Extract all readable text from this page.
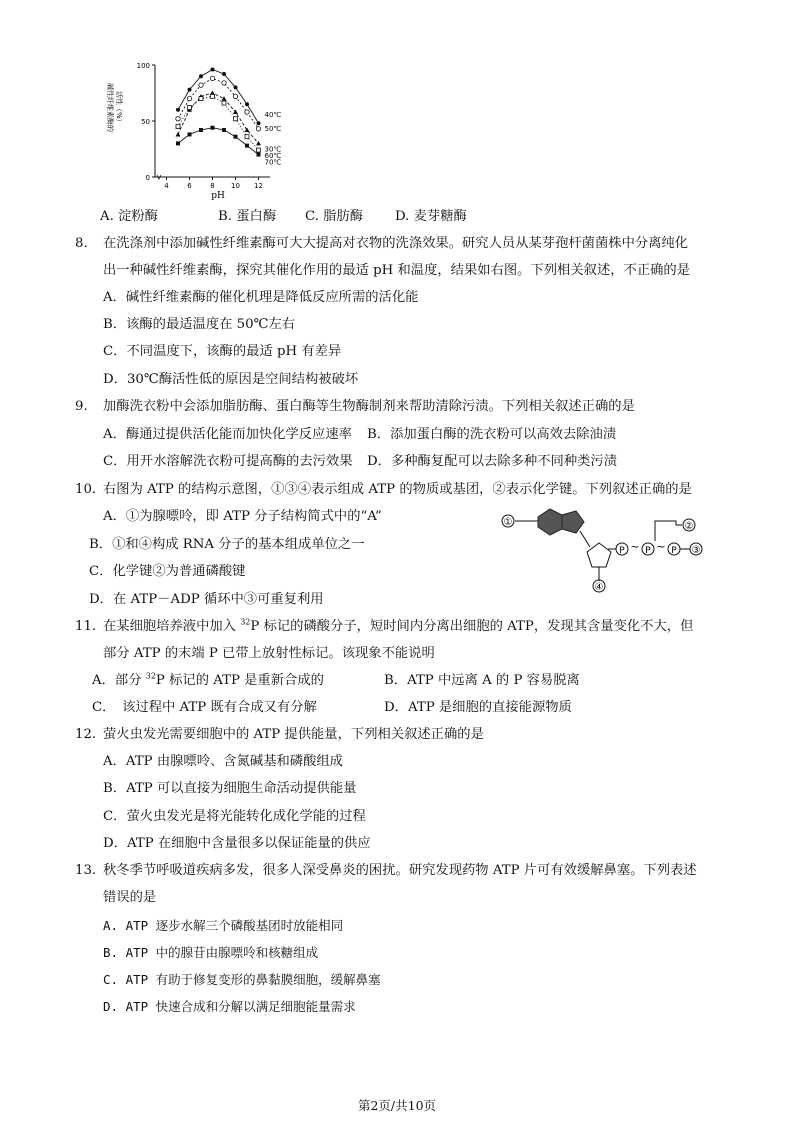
碱性纤维素酶的 活性（%）
0
50
100
4	6	8 10 12
40℃
50℃
30℃
60℃
70℃
pH
A. 淀粉酶	B. 蛋白酶 C. 脂肪酶 D. 麦芽糖酶
8. 在洗涤剂中添加碱性纤维素酶可大大提高对衣物的洗涤效果。研究人员从某芽孢杆菌菌株中分离纯化
出一种碱性纤维素酶，探究其催化作用的最适 pH 和温度，结果如右图。下列相关叙述，不正确的是
A．碱性纤维素酶的催化机理是降低反应所需的活化能
B．该酶的最适温度在 50℃左右
C．不同温度下，该酶的最适 pH 有差异
D．30℃酶活性低的原因是空间结构被破坏
9. 加酶洗衣粉中会添加脂肪酶、蛋白酶等生物酶制剂来帮助清除污渍。下列相关叙述正确的是
A．酶通过提供活化能而加快化学反应速率 B．添加蛋白酶的洗衣粉可以高效去除油渍
C．用开水溶解洗衣粉可提高酶的去污效果 D．多种酶复配可以去除多种不同种类污渍
10. 右图为 ATP 的结构示意图，①③④表示组成 ATP 的物质或基团，②表示化学键。下列叙述正确的是
A．①为腺嘌呤，即 ATP 分子结构简式中的“A”
B．①和④构成 RNA 分子的基本组成单位之一
C．化学键②为普通磷酸键
D．在 ATP－ADP 循环中③可重复利用
①
④
P ~ P ~ P ③
②
11. 在某细胞培养液中加入 $^{32}$P 标记的磷酸分子，短时间内分离出细胞的 ATP，发现其含量变化不大，但
部分 ATP 的末端 P 已带上放射性标记。该现象不能说明
A．部分 $^{32}$P 标记的 ATP 是重新合成的	B．ATP 中远离 A 的 P 容易脱离
C．　该过程中 ATP 既有合成又有分解	D．ATP 是细胞的直接能源物质
12. 萤火虫发光需要细胞中的 ATP 提供能量，下列相关叙述正确的是
A．ATP 由腺嘌呤、含氮碱基和磷酸组成
B．ATP 可以直接为细胞生命活动提供能量
C．萤火虫发光是将光能转化成化学能的过程
D．ATP 在细胞中含量很多以保证能量的供应
13. 秋冬季节呼吸道疾病多发，很多人深受鼻炎的困扰。研究发现药物 ATP 片可有效缓解鼻塞。下列表述
错误的是
A. ATP 逐步水解三个磷酸基团时放能相同
B. ATP 中的腺苷由腺嘌呤和核糖组成
C. ATP 有助于修复变形的鼻黏膜细胞，缓解鼻塞
D. ATP 快速合成和分解以满足细胞能量需求
第2页/共10页
